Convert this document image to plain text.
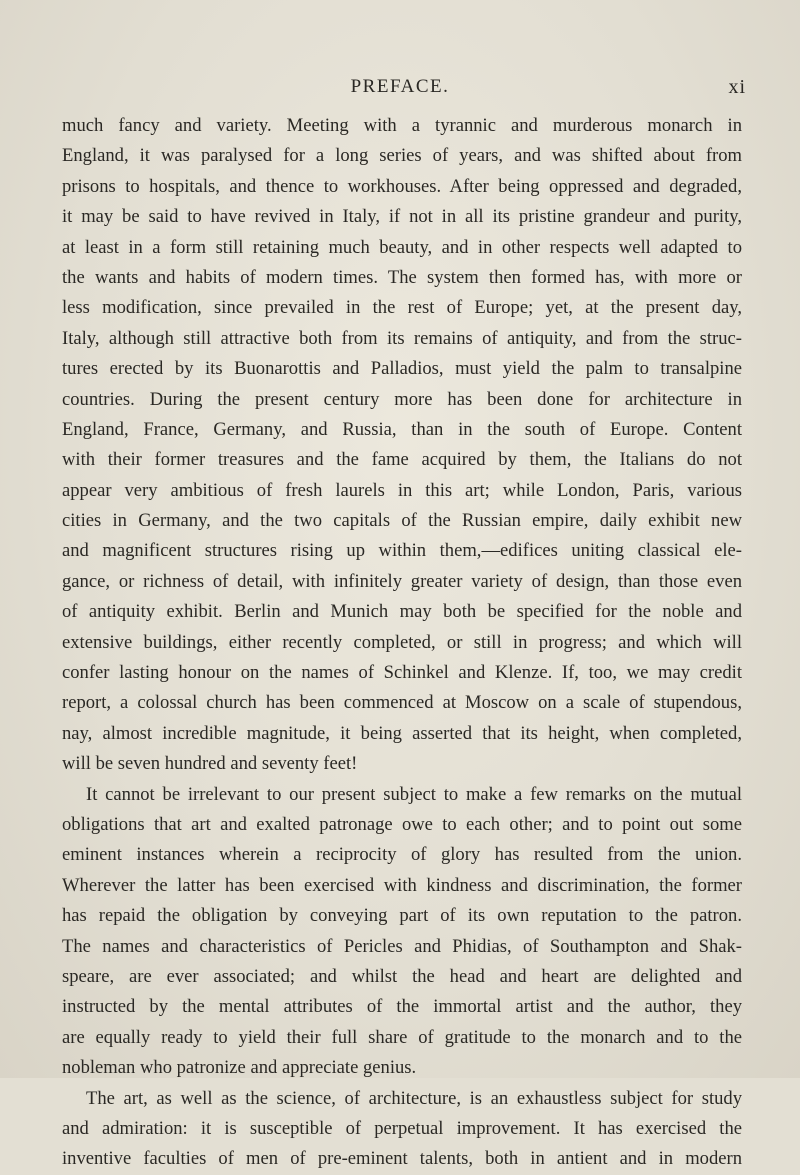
PREFACE.	xi
much fancy and variety. Meeting with a tyrannic and murderous monarch in
England, it was paralysed for a long series of years, and was shifted about from
prisons to hospitals, and thence to workhouses. After being oppressed and degraded,
it may be said to have revived in Italy, if not in all its pristine grandeur and purity,
at least in a form still retaining much beauty, and in other respects well adapted to
the wants and habits of modern times. The system then formed has, with more or
less modification, since prevailed in the rest of Europe; yet, at the present day,
Italy, although still attractive both from its remains of antiquity, and from the struc-
tures erected by its Buonarottis and Palladios, must yield the palm to transalpine
countries. During the present century more has been done for architecture in
England, France, Germany, and Russia, than in the south of Europe. Content
with their former treasures and the fame acquired by them, the Italians do not
appear very ambitious of fresh laurels in this art; while London, Paris, various
cities in Germany, and the two capitals of the Russian empire, daily exhibit new
and magnificent structures rising up within them,—edifices uniting classical ele-
gance, or richness of detail, with infinitely greater variety of design, than those even
of antiquity exhibit. Berlin and Munich may both be specified for the noble and
extensive buildings, either recently completed, or still in progress; and which will
confer lasting honour on the names of Schinkel and Klenze. If, too, we may credit
report, a colossal church has been commenced at Moscow on a scale of stupendous,
nay, almost incredible magnitude, it being asserted that its height, when completed,
will be seven hundred and seventy feet!
It cannot be irrelevant to our present subject to make a few remarks on the mutual
obligations that art and exalted patronage owe to each other; and to point out some
eminent instances wherein a reciprocity of glory has resulted from the union.
Wherever the latter has been exercised with kindness and discrimination, the former
has repaid the obligation by conveying part of its own reputation to the patron.
The names and characteristics of Pericles and Phidias, of Southampton and Shak-
speare, are ever associated; and whilst the head and heart are delighted and
instructed by the mental attributes of the immortal artist and the author, they
are equally ready to yield their full share of gratitude to the monarch and to the
nobleman who patronize and appreciate genius.
The art, as well as the science, of architecture, is an exhaustless subject for study
and admiration: it is susceptible of perpetual improvement. It has exercised the
inventive faculties of men of pre-eminent talents, both in antient and in modern
